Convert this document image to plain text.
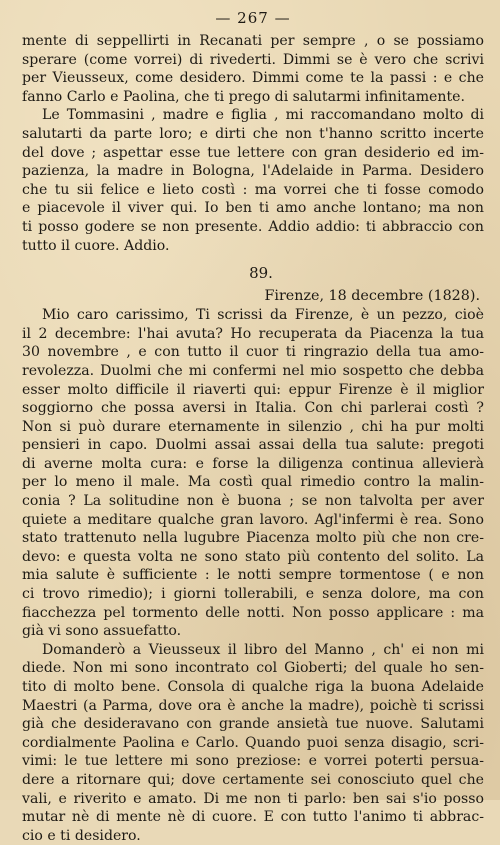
— 267 —
mente di seppellirti in Recanati per sempre , o se possiamo
sperare (come vorrei) di rivederti. Dimmi se è vero che scrivi
per Vieusseux, come desidero. Dimmi come te la passi : e che
fanno Carlo e Paolina, che ti prego di salutarmi infinitamente.
Le Tommasini , madre e figlia , mi raccomandano molto di
salutarti da parte loro; e dirti che non t'hanno scritto incerte
del dove ; aspettar esse tue lettere con gran desiderio ed im-
pazienza, la madre in Bologna, l'Adelaide in Parma. Desidero
che tu sii felice e lieto costì : ma vorrei che ti fosse comodo
e piacevole il viver qui. Io ben ti amo anche lontano; ma non
ti posso godere se non presente. Addio addio: ti abbraccio con
tutto il cuore. Addio.
89.
Firenze, 18 decembre (1828).
Mio caro carissimo, Ti scrissi da Firenze, è un pezzo, cioè
il 2 decembre: l'hai avuta? Ho recuperata da Piacenza la tua
30 novembre , e con tutto il cuor ti ringrazio della tua amo-
revolezza. Duolmi che mi confermi nel mio sospetto che debba
esser molto difficile il riaverti qui: eppur Firenze è il miglior
soggiorno che possa aversi in Italia. Con chi parlerai costì ?
Non si può durare eternamente in silenzio , chi ha pur molti
pensieri in capo. Duolmi assai assai della tua salute: pregoti
di averne molta cura: e forse la diligenza continua allevierà
per lo meno il male. Ma costì qual rimedio contro la malin-
conia ? La solitudine non è buona ; se non talvolta per aver
quiete a meditare qualche gran lavoro. Agl'infermi è rea. Sono
stato trattenuto nella lugubre Piacenza molto più che non cre-
devo: e questa volta ne sono stato più contento del solito. La
mia salute è sufficiente : le notti sempre tormentose ( e non
ci trovo rimedio); i giorni tollerabili, e senza dolore, ma con
fiacchezza pel tormento delle notti. Non posso applicare : ma
già vi sono assuefatto.
Domanderò a Vieusseux il libro del Manno , ch' ei non mi
diede. Non mi sono incontrato col Gioberti; del quale ho sen-
tito di molto bene. Consola di qualche riga la buona Adelaide
Maestri (a Parma, dove ora è anche la madre), poichè ti scrissi
già che desideravano con grande ansietà tue nuove. Salutami
cordialmente Paolina e Carlo. Quando puoi senza disagio, scri-
vimi: le tue lettere mi sono preziose: e vorrei poterti persua-
dere a ritornare qui; dove certamente sei conosciuto quel che
vali, e riverito e amato. Di me non ti parlo: ben sai s'io posso
mutar nè di mente nè di cuore. E con tutto l'animo ti abbrac-
cio e ti desidero.
